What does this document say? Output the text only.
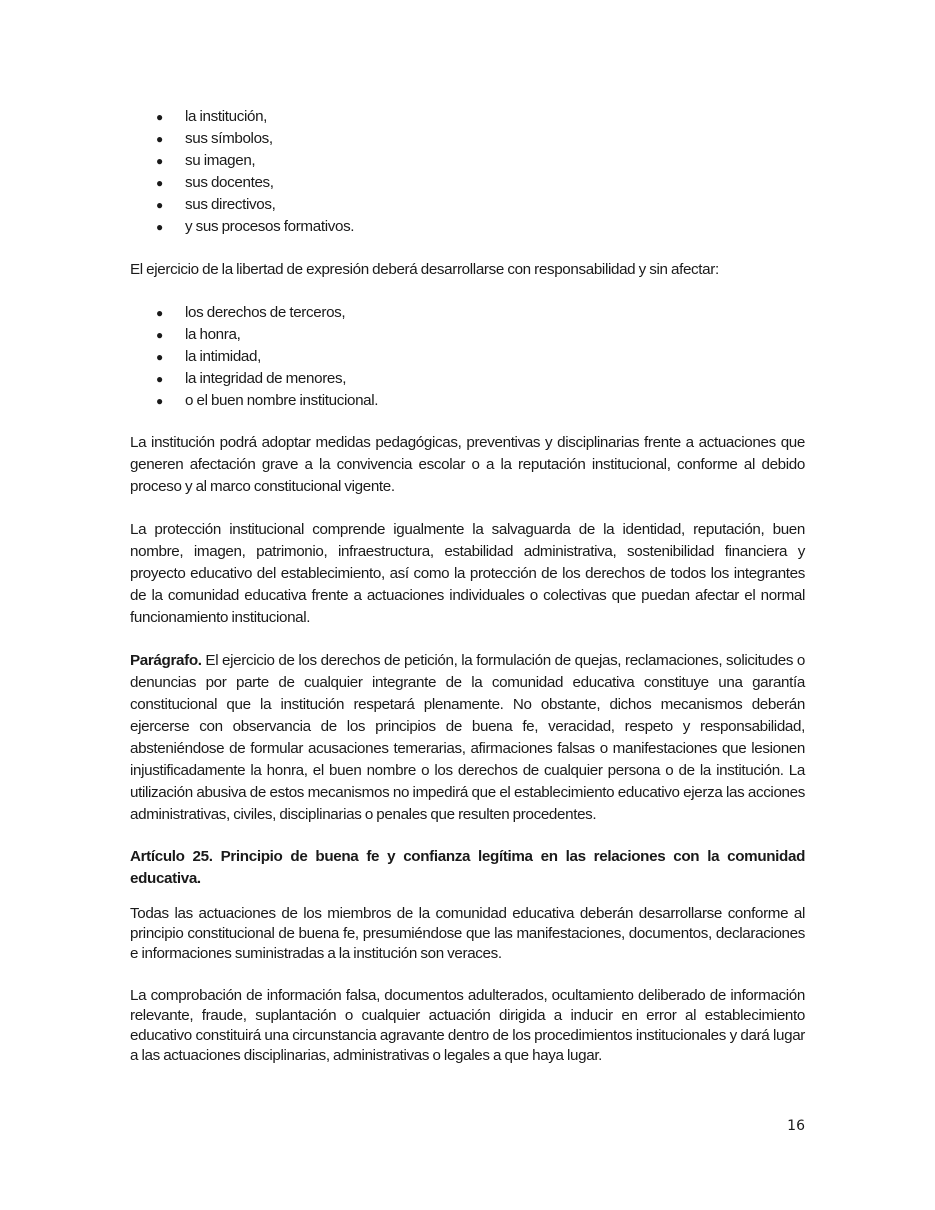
● la institución,
● sus símbolos,
● su imagen,
● sus docentes,
● sus directivos,
● y sus procesos formativos.

El ejercicio de la libertad de expresión deberá desarrollarse con responsabilidad y sin afectar:

● los derechos de terceros,
● la honra,
● la intimidad,
● la integridad de menores,
● o el buen nombre institucional.

La institución podrá adoptar medidas pedagógicas, preventivas y disciplinarias frente a actuaciones que generen afectación grave a la convivencia escolar o a la reputación institucional, conforme al debido proceso y al marco constitucional vigente.

La protección institucional comprende igualmente la salvaguarda de la identidad, reputación, buen nombre, imagen, patrimonio, infraestructura, estabilidad administrativa, sostenibilidad financiera y proyecto educativo del establecimiento, así como la protección de los derechos de todos los integrantes de la comunidad educativa frente a actuaciones individuales o colectivas que puedan afectar el normal funcionamiento institucional.

Parágrafo. El ejercicio de los derechos de petición, la formulación de quejas, reclamaciones, solicitudes o denuncias por parte de cualquier integrante de la comunidad educativa constituye una garantía constitucional que la institución respetará plenamente. No obstante, dichos mecanismos deberán ejercerse con observancia de los principios de buena fe, veracidad, respeto y responsabilidad, absteniéndose de formular acusaciones temerarias, afirmaciones falsas o manifestaciones que lesionen injustificadamente la honra, el buen nombre o los derechos de cualquier persona o de la institución. La utilización abusiva de estos mecanismos no impedirá que el establecimiento educativo ejerza las acciones administrativas, civiles, disciplinarias o penales que resulten procedentes.

Artículo 25. Principio de buena fe y confianza legítima en las relaciones con la comunidad educativa.

Todas las actuaciones de los miembros de la comunidad educativa deberán desarrollarse conforme al principio constitucional de buena fe, presumiéndose que las manifestaciones, documentos, declaraciones e informaciones suministradas a la institución son veraces.

La comprobación de información falsa, documentos adulterados, ocultamiento deliberado de información relevante, fraude, suplantación o cualquier actuación dirigida a inducir en error al establecimiento educativo constituirá una circunstancia agravante dentro de los procedimientos institucionales y dará lugar a las actuaciones disciplinarias, administrativas o legales a que haya lugar.

16
